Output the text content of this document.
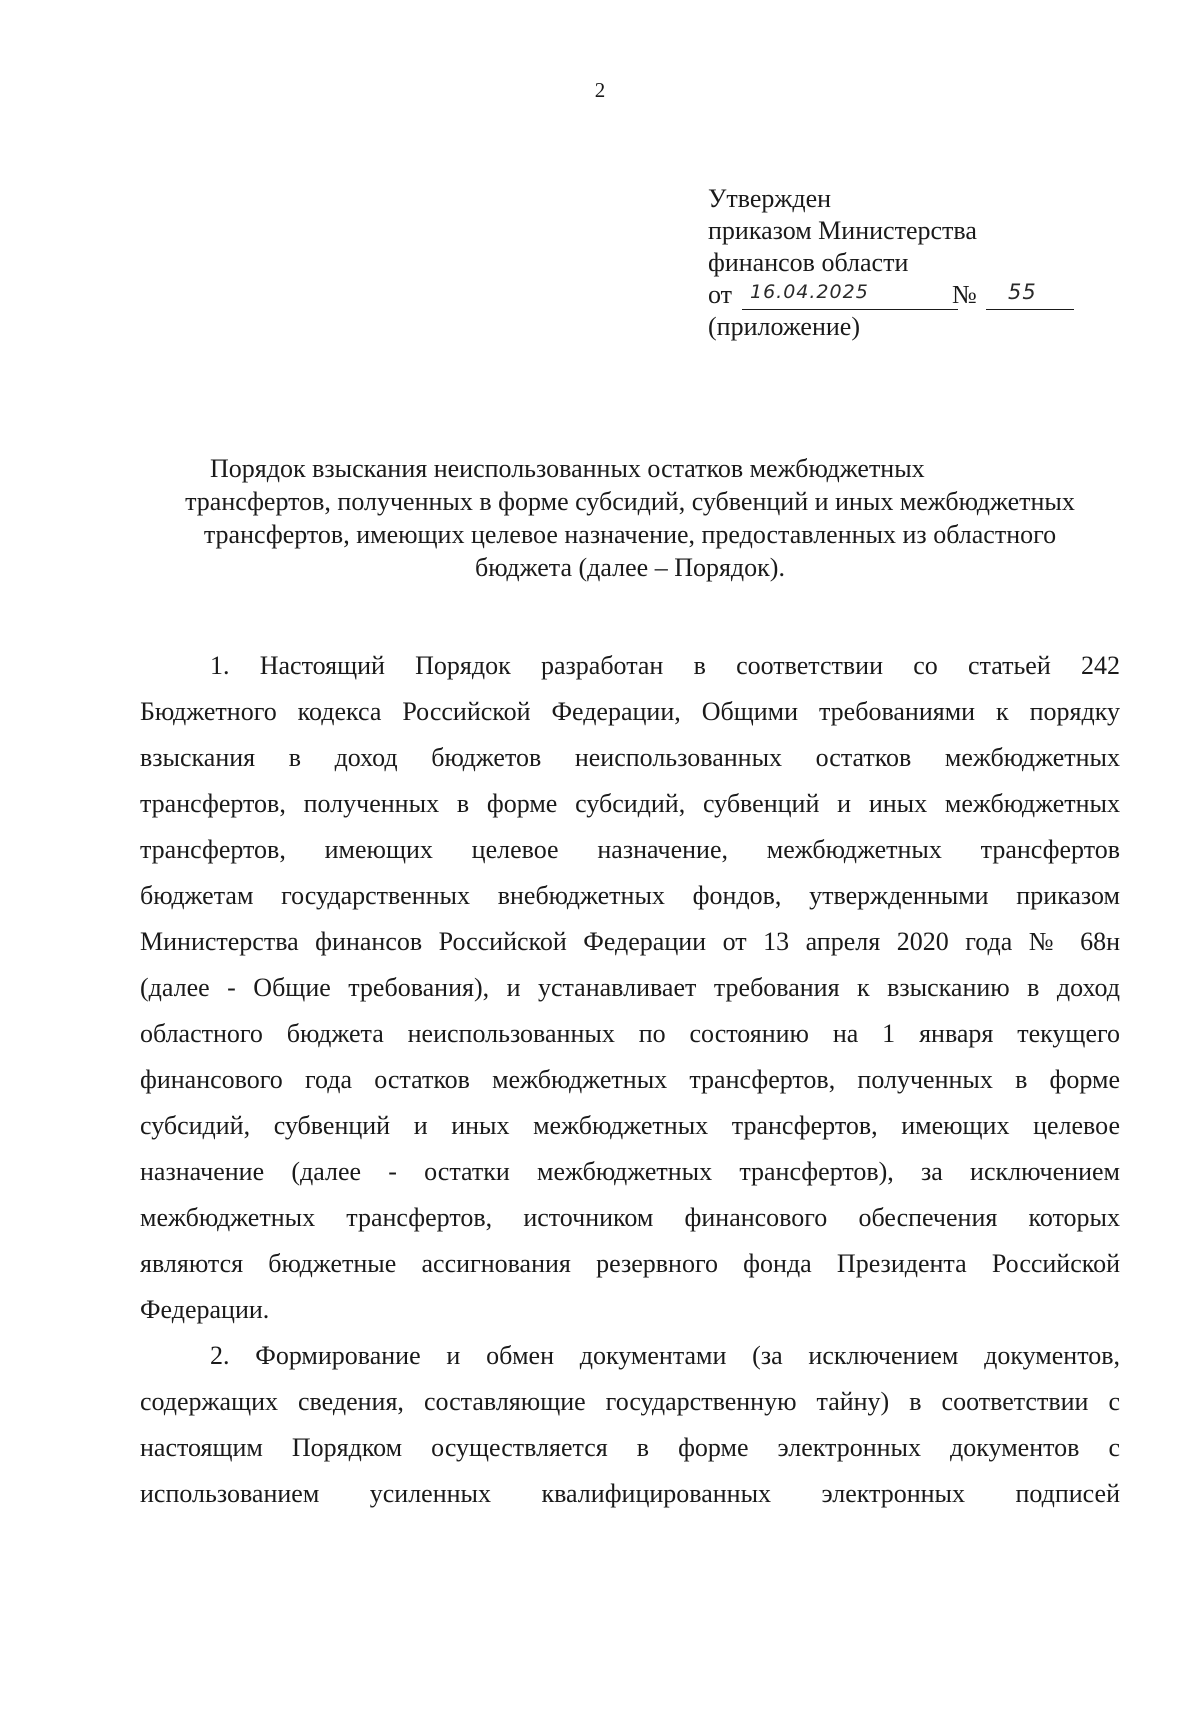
2
Утвержден
приказом Министерства
финансов области
от 16.04.2025	№ 55
(приложение)
Порядок взыскания неиспользованных остатков межбюджетных
трансфертов, полученных в форме субсидий, субвенций и иных межбюджетных
трансфертов, имеющих целевое назначение, предоставленных из областного
бюджета (далее – Порядок).
1. Настоящий Порядок разработан в соответствии со статьей 242
Бюджетного кодекса Российской Федерации, Общими требованиями к порядку
взыскания в доход бюджетов неиспользованных остатков межбюджетных
трансфертов, полученных в форме субсидий, субвенций и иных межбюджетных
трансфертов, имеющих целевое назначение, межбюджетных трансфертов
бюджетам государственных внебюджетных фондов, утвержденными приказом
Министерства финансов Российской Федерации от 13 апреля 2020 года № 68н
(далее - Общие требования), и устанавливает требования к взысканию в доход
областного бюджета неиспользованных по состоянию на 1 января текущего
финансового года остатков межбюджетных трансфертов, полученных в форме
субсидий, субвенций и иных межбюджетных трансфертов, имеющих целевое
назначение (далее - остатки межбюджетных трансфертов), за исключением
межбюджетных трансфертов, источником финансового обеспечения которых
являются бюджетные ассигнования резервного фонда Президента Российской
Федерации.
2. Формирование и обмен документами (за исключением документов,
содержащих сведения, составляющие государственную тайну) в соответствии с
настоящим Порядком осуществляется в форме электронных документов с
использованием усиленных квалифицированных электронных подписей
